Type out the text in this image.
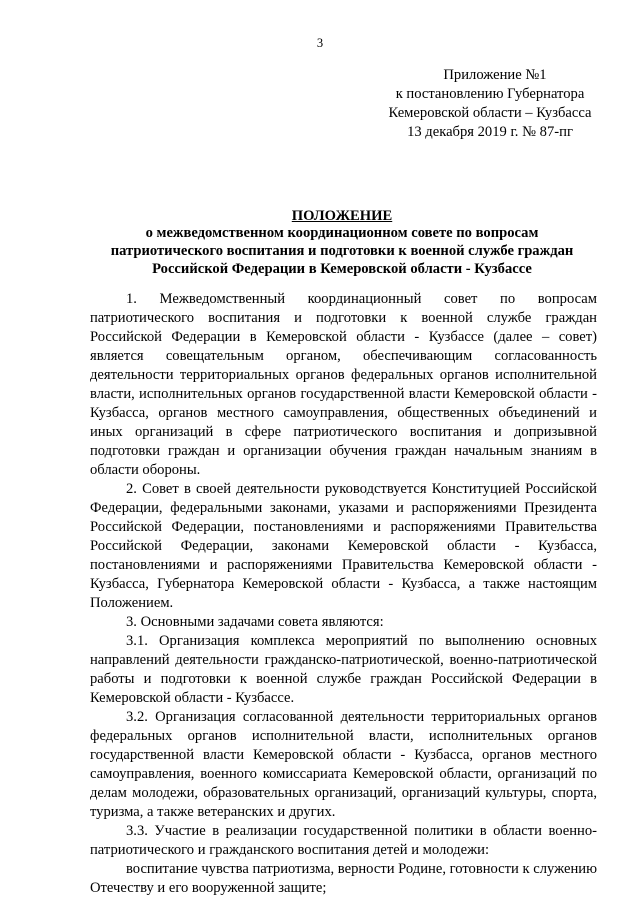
3
Приложение №1
к постановлению Губернатора
Кемеровской области – Кузбасса
13 декабря 2019 г. № 87-пг
ПОЛОЖЕНИЕ
о межведомственном координационном совете по вопросам
патриотического воспитания и подготовки к военной службе граждан
Российской Федерации в Кемеровской области - Кузбассе

1. Межведомственный координационный совет по вопросам патриотического воспитания и подготовки к военной службе граждан Российской Федерации в Кемеровской области - Кузбассе (далее – совет) является совещательным органом, обеспечивающим согласованность деятельности территориальных органов федеральных органов исполнительной власти, исполнительных органов государственной власти Кемеровской области - Кузбасса, органов местного самоуправления, общественных объединений и иных организаций в сфере патриотического воспитания и допризывной подготовки граждан и организации обучения граждан начальным знаниям в области обороны.

2. Совет в своей деятельности руководствуется Конституцией Российской Федерации, федеральными законами, указами и распоряжениями Президента Российской Федерации, постановлениями и распоряжениями Правительства Российской Федерации, законами Кемеровской области - Кузбасса, постановлениями и распоряжениями Правительства Кемеровской области - Кузбасса, Губернатора Кемеровской области - Кузбасса, а также настоящим Положением.

3. Основными задачами совета являются:

3.1. Организация комплекса мероприятий по выполнению основных направлений деятельности гражданско-патриотической, военно-патриотической работы и подготовки к военной службе граждан Российской Федерации в Кемеровской области - Кузбассе.

3.2. Организация согласованной деятельности территориальных органов федеральных органов исполнительной власти, исполнительных органов государственной власти Кемеровской области - Кузбасса, органов местного самоуправления, военного комиссариата Кемеровской области, организаций по делам молодежи, образовательных организаций, организаций культуры, спорта, туризма, а также ветеранских и других.

3.3. Участие в реализации государственной политики в области военно-патриотического и гражданского воспитания детей и молодежи:

воспитание чувства патриотизма, верности Родине, готовности к служению Отечеству и его вооруженной защите;
